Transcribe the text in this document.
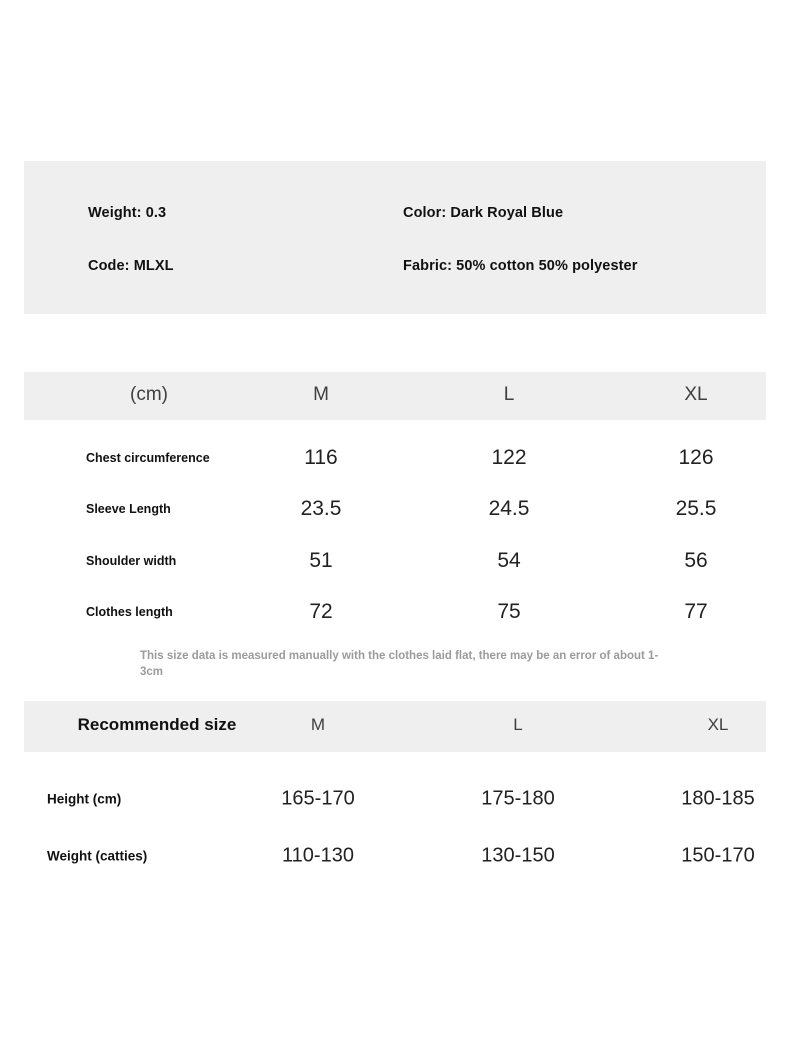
Weight: 0.3	Color: Dark Royal Blue
Code: MLXL	Fabric: 50% cotton 50% polyester
(cm)	M	L	XL
Chest circumference	116	122	126
Sleeve Length	23.5	24.5	25.5
Shoulder width	51	54	56
Clothes length	72	75	77
This size data is measured manually with the clothes laid flat, there may be an error of about 1-3cm
Recommended size	M	L	XL
Height (cm)	165-170	175-180	180-185
Weight (catties)	110-130	130-150	150-170
